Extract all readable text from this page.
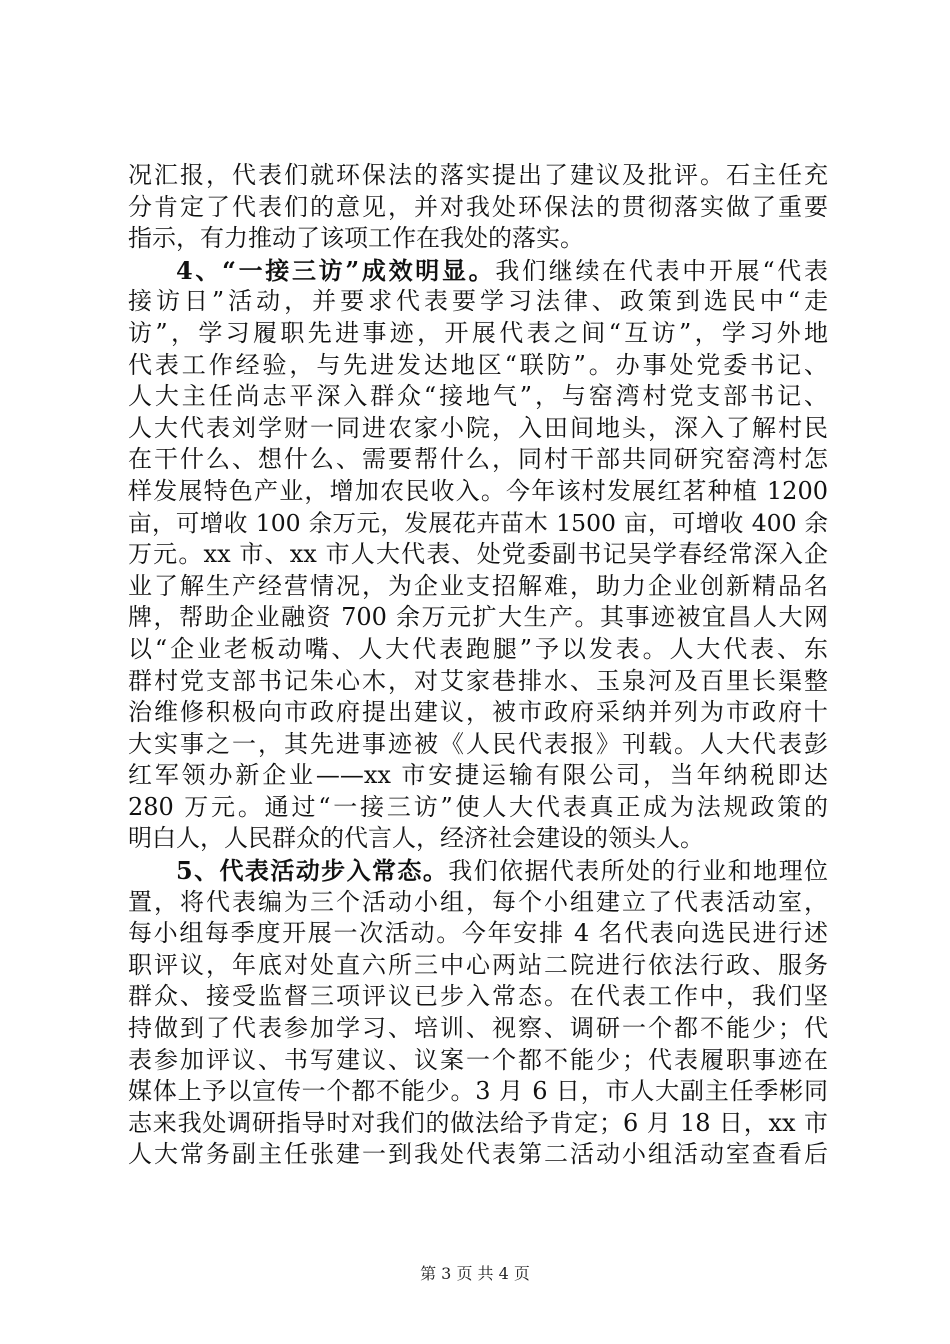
况汇报，代表们就环保法的落实提出了建议及批评。石主任充
分肯定了代表们的意见，并对我处环保法的贯彻落实做了重要
指示，有力推动了该项工作在我处的落实。
4、“一接三访”成效明显。我们继续在代表中开展“代表
接访日”活动，并要求代表要学习法律、政策到选民中“走
访”，学习履职先进事迹，开展代表之间“互访”，学习外地
代表工作经验，与先进发达地区“联防”。办事处党委书记、
人大主任尚志平深入群众“接地气”，与窑湾村党支部书记、
人大代表刘学财一同进农家小院，入田间地头，深入了解村民
在干什么、想什么、需要帮什么，同村干部共同研究窑湾村怎
样发展特色产业，增加农民收入。今年该村发展红茗种植 1200
亩，可增收 100 余万元，发展花卉苗木 1500 亩，可增收 400 余
万元。xx 市、xx 市人大代表、处党委副书记吴学春经常深入企
业了解生产经营情况，为企业支招解难，助力企业创新精品名
牌，帮助企业融资 700 余万元扩大生产。其事迹被宜昌人大网
以“企业老板动嘴、人大代表跑腿”予以发表。人大代表、东
群村党支部书记朱心木，对艾家巷排水、玉泉河及百里长渠整
治维修积极向市政府提出建议，被市政府采纳并列为市政府十
大实事之一，其先进事迹被《人民代表报》刊载。人大代表彭
红军领办新企业——xx 市安捷运输有限公司，当年纳税即达
280 万元。通过“一接三访”使人大代表真正成为法规政策的
明白人，人民群众的代言人，经济社会建设的领头人。
5、代表活动步入常态。我们依据代表所处的行业和地理位
置，将代表编为三个活动小组，每个小组建立了代表活动室，
每小组每季度开展一次活动。今年安排 4 名代表向选民进行述
职评议，年底对处直六所三中心两站二院进行依法行政、服务
群众、接受监督三项评议已步入常态。在代表工作中，我们坚
持做到了代表参加学习、培训、视察、调研一个都不能少；代
表参加评议、书写建议、议案一个都不能少；代表履职事迹在
媒体上予以宣传一个都不能少。3 月 6 日，市人大副主任季彬同
志来我处调研指导时对我们的做法给予肯定；6 月 18 日，xx 市
人大常务副主任张建一到我处代表第二活动小组活动室查看后
第 3 页 共 4 页
